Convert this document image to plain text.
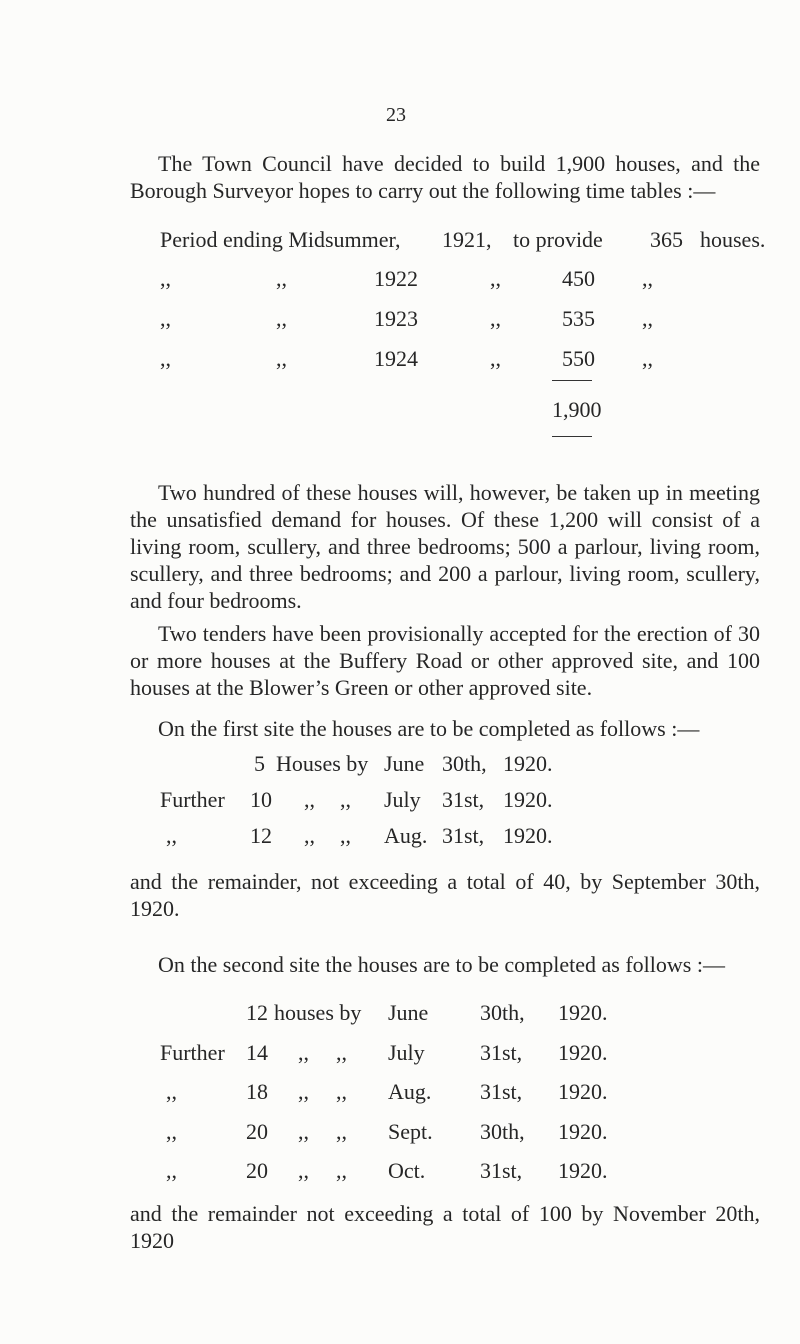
23

The Town Council have decided to build 1,900 houses, and the Borough Surveyor hopes to carry out the following time tables :—

Period ending Midsummer, 1921, to provide 365 houses.
,,	,,	1922	,,	450 ,,
,,	,,	1923	,,	535 ,,
,,	,,	1924	,,	550 ,,
1,900

Two hundred of these houses will, however, be taken up in meeting the unsatisfied demand for houses. Of these 1,200 will consist of a living room, scullery, and three bedrooms; 500 a parlour, living room, scullery, and three bedrooms; and 200 a parlour, living room, scullery, and four bedrooms.

Two tenders have been provisionally accepted for the erection of 30 or more houses at the Buffery Road or other approved site, and 100 houses at the Blower’s Green or other approved site.

On the first site the houses are to be completed as follows :—

5 Houses by June 30th, 1920.
Further 10 ,, ,, July 31st, 1920.
,,	12 ,, ,, Aug. 31st, 1920.

and the remainder, not exceeding a total of 40, by September 30th, 1920.

On the second site the houses are to be completed as follows :—

12 houses by June 30th, 1920.
Further 14 ,, ,, July	31st, 1920.
,,	18 ,, ,, Aug. 31st, 1920.
,,	20 ,, ,, Sept. 30th, 1920.
,,	20 ,, ,, Oct. 31st, 1920.

and the remainder not exceeding a total of 100 by November 20th, 1920
